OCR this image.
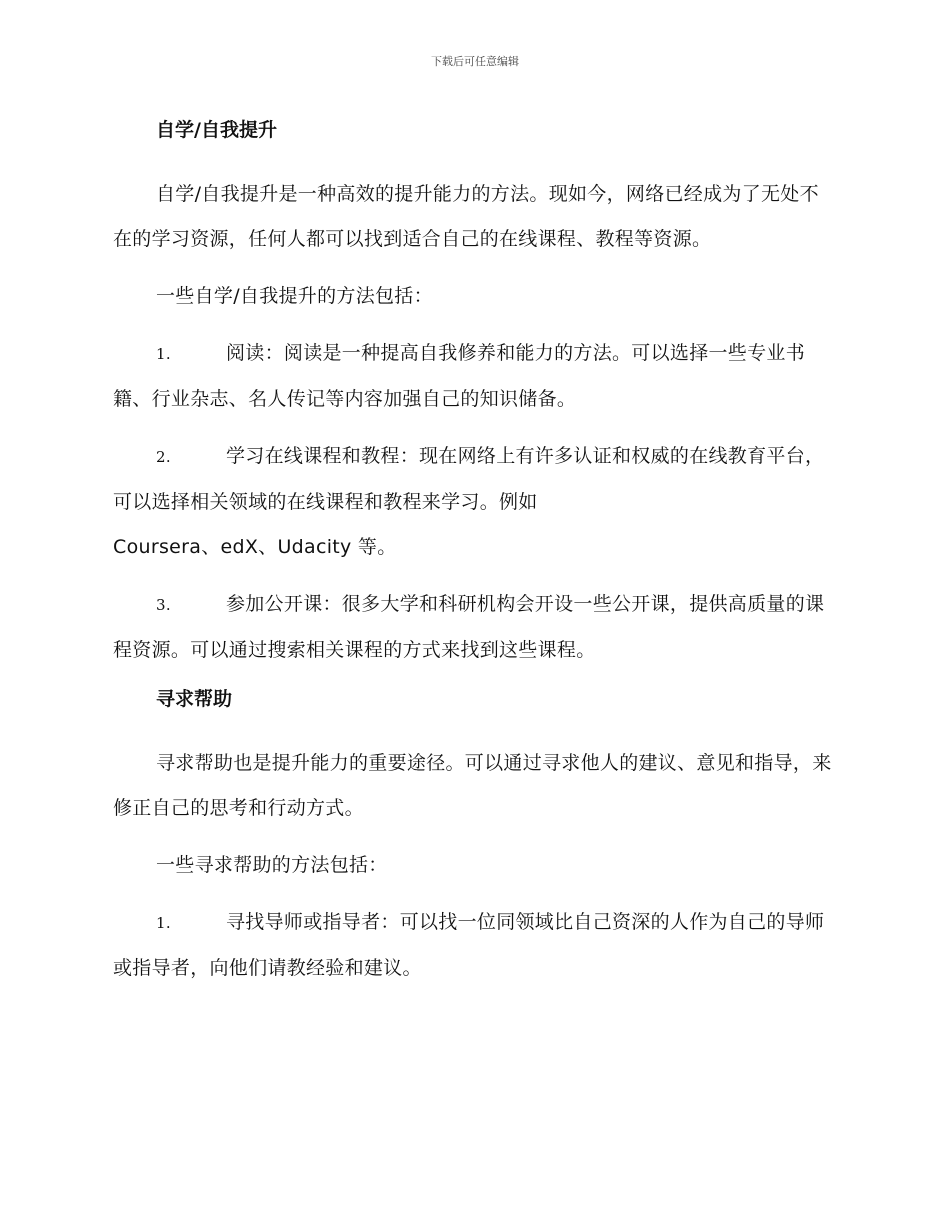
下载后可任意编辑
自学/自我提升

自学/自我提升是一种高效的提升能力的方法。现如今，网络已经成为了无处不在的学习资源，任何人都可以找到适合自己的在线课程、教程等资源。

一些自学/自我提升的方法包括：

1.	阅读：阅读是一种提高自我修养和能力的方法。可以选择一些专业书籍、行业杂志、名人传记等内容加强自己的知识储备。

2.	学习在线课程和教程：现在网络上有许多认证和权威的在线教育平台，可以选择相关领域的在线课程和教程来学习。例如
Coursera、edX、Udacity 等。

3.	参加公开课：很多大学和科研机构会开设一些公开课，提供高质量的课程资源。可以通过搜索相关课程的方式来找到这些课程。

寻求帮助

寻求帮助也是提升能力的重要途径。可以通过寻求他人的建议、意见和指导，来修正自己的思考和行动方式。

一些寻求帮助的方法包括：

1.	寻找导师或指导者：可以找一位同领域比自己资深的人作为自己的导师或指导者，向他们请教经验和建议。
